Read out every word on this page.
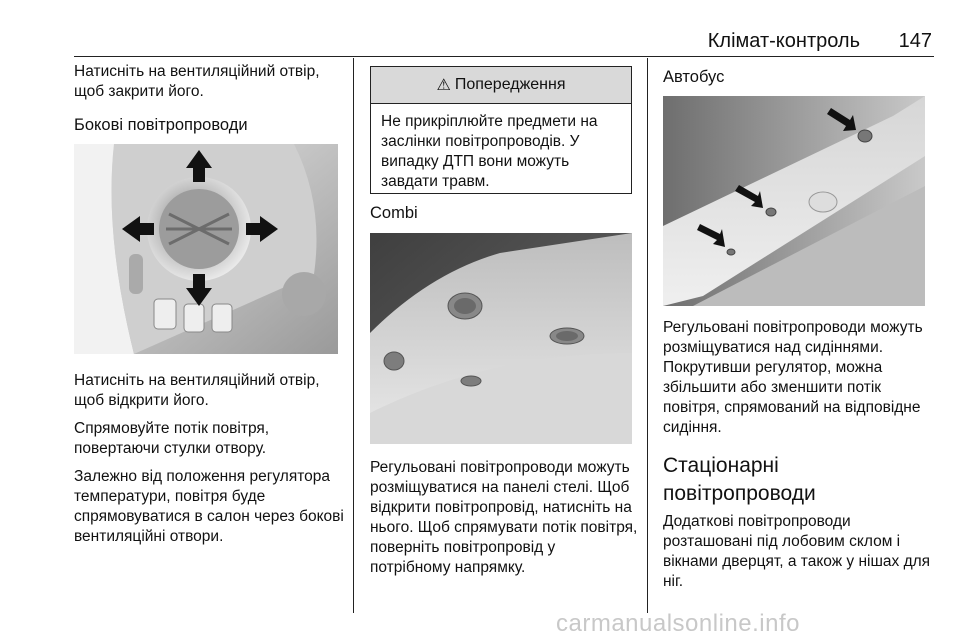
Клімат-контроль	147

Натисніть на вентиляційний отвір, щоб закрити його.

Бокові повітропроводи

Натисніть на вентиляційний отвір, щоб відкрити його.

Спрямовуйте потік повітря, повертаючи стулки отвору.

Залежно від положення регулятора температури, повітря буде спрямовуватися в салон через бокові вентиляційні отвори.

⚠ Попередження
Не прикріплюйте предмети на заслінки повітропроводів. У випадку ДТП вони можуть завдати травм.

Combi

Регульовані повітропроводи можуть розміщуватися на панелі стелі. Щоб відкрити повітропровід, натисніть на нього. Щоб спрямувати потік повітря, поверніть повітропровід у потрібному напрямку.

Автобус

Регульовані повітропроводи можуть розміщуватися над сидіннями. Покрутивши регулятор, можна збільшити або зменшити потік повітря, спрямований на відповідне сидіння.

Стаціонарні повітропроводи

Додаткові повітропроводи розташовані під лобовим склом і вікнами дверцят, а також у нішах для ніг.

carmanualsonline.info
